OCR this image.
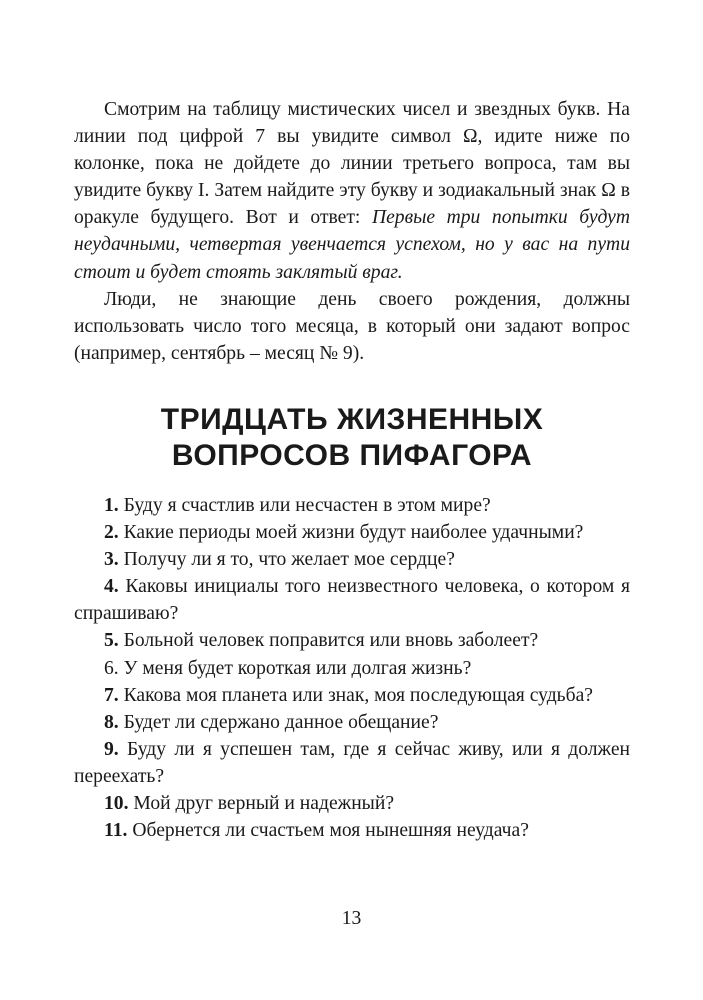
Смотрим на таблицу мистических чисел и звездных букв. На линии под цифрой 7 вы увидите символ Ω, идите ниже по колонке, пока не дойдете до линии третьего вопроса, там вы увидите букву I. Затем найдите эту букву и зодиакальный знак Ω в оракуле будущего. Вот и ответ: Первые три попытки будут неудачными, четвертая увенчается успехом, но у вас на пути стоит и будет стоять заклятый враг.

Люди, не знающие день своего рождения, должны использовать число того месяца, в который они задают вопрос (например, сентябрь – месяц № 9).

ТРИДЦАТЬ ЖИЗНЕННЫХ
ВОПРОСОВ ПИФАГОРА
1. Буду я счастлив или несчастен в этом мире?
2. Какие периоды моей жизни будут наиболее удачными?
3. Получу ли я то, что желает мое сердце?
4. Каковы инициалы того неизвестного человека, о котором я спрашиваю?
5. Больной человек поправится или вновь заболеет?
6. У меня будет короткая или долгая жизнь?
7. Какова моя планета или знак, моя последующая судьба?
8. Будет ли сдержано данное обещание?
9. Буду ли я успешен там, где я сейчас живу, или я должен переехать?
10. Мой друг верный и надежный?
11. Обернется ли счастьем моя нынешняя неудача?
13
